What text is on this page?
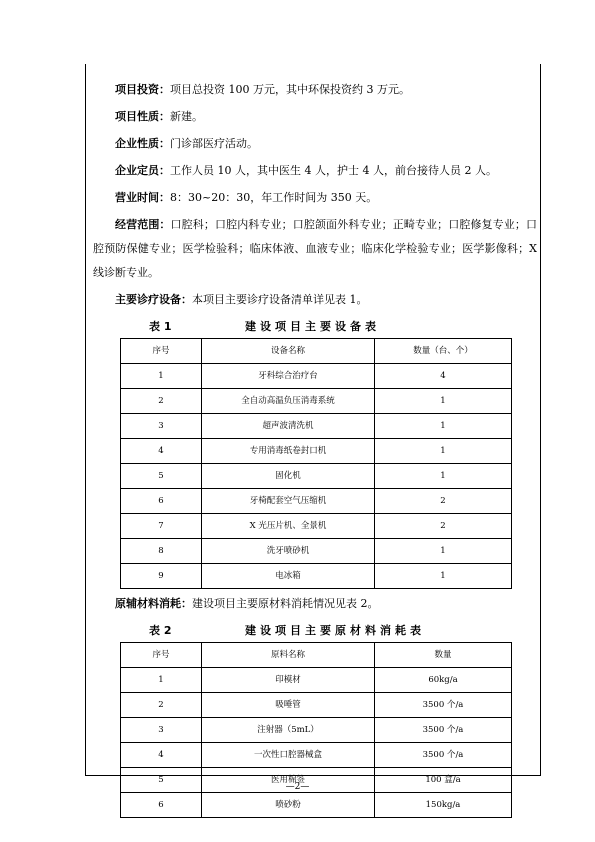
项目投资：项目总投资 100 万元，其中环保投资约 3 万元。

项目性质：新建。

企业性质：门诊部医疗活动。

企业定员：工作人员 10 人，其中医生 4 人，护士 4 人，前台接待人员 2 人。

营业时间：8：30~20：30，年工作时间为 350 天。

经营范围：口腔科；口腔内科专业；口腔颌面外科专业；正畸专业；口腔修复专业；口腔预防保健专业；医学检验科；临床体液、血液专业；临床化学检验专业；医学影像科；X 线诊断专业。

主要诊疗设备：本项目主要诊疗设备清单详见表 1。

表 1	建设项目主要设备表
序号	设备名称	数量（台、个）
1	牙科综合治疗台	4
2	全自动高温负压消毒系统	1
3	超声波清洗机	1
4	专用消毒纸卷封口机	1
5	固化机	1
6	牙椅配套空气压缩机	2
7	X 光压片机、全景机	2
8	洗牙喷砂机	1
9	电冰箱	1

原辅材料消耗：建设项目主要原材料消耗情况见表 2。

表 2	建设项目主要原材料消耗表
序号	原料名称	数量
1	印模材	60kg/a
2	吸唾管	3500 个/a
3	注射器（5mL）	3500 个/a
4	一次性口腔器械盒	3500 个/a
5	医用棉签	100 盒/a
6	喷砂粉	150kg/a
—2—
